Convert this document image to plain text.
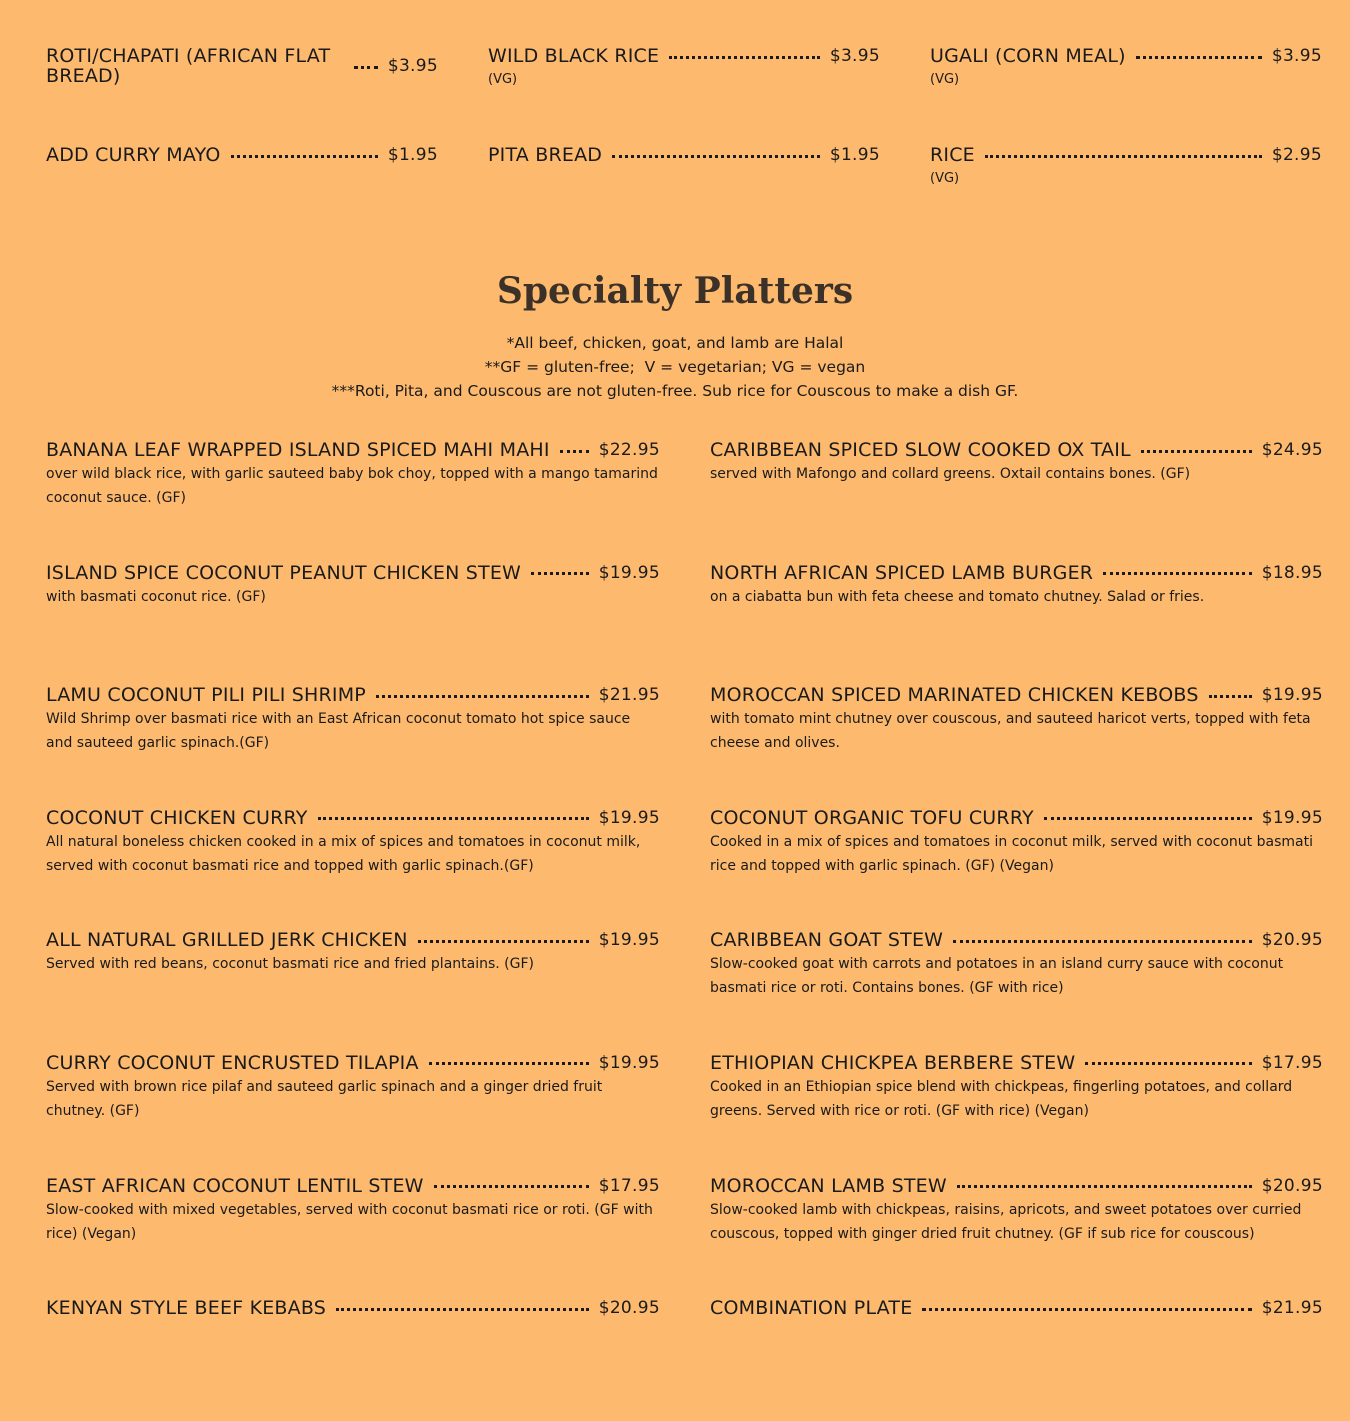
ROTI/CHAPATI (AFRICAN FLAT BREAD)	$3.95	WILD BLACK RICE	$3.95
(VG)
UGALI (CORN MEAL)	$3.95
(VG)
ADD CURRY MAYO	$1.95	PITA BREAD	$1.95	RICE	$2.95
(VG)
Specialty Platters
*All beef, chicken, goat, and lamb are Halal
**GF = gluten-free;  V = vegetarian; VG = vegan
***Roti, Pita, and Couscous are not gluten-free. Sub rice for Couscous to make a dish GF.
BANANA LEAF WRAPPED ISLAND SPICED MAHI MAHI	$22.95
over wild black rice, with garlic sauteed baby bok choy, topped with a mango tamarind coconut sauce. (GF)
CARIBBEAN SPICED SLOW COOKED OX TAIL	$24.95
served with Mafongo and collard greens. Oxtail contains bones. (GF)
ISLAND SPICE COCONUT PEANUT CHICKEN STEW	$19.95
with basmati coconut rice. (GF)
NORTH AFRICAN SPICED LAMB BURGER	$18.95
on a ciabatta bun with feta cheese and tomato chutney. Salad or fries.
LAMU COCONUT PILI PILI SHRIMP	$21.95
Wild Shrimp over basmati rice with an East African coconut tomato hot spice sauce and sauteed garlic spinach.(GF)
MOROCCAN SPICED MARINATED CHICKEN KEBOBS	$19.95
with tomato mint chutney over couscous, and sauteed haricot verts, topped with feta cheese and olives.
COCONUT CHICKEN CURRY	$19.95
All natural boneless chicken cooked in a mix of spices and tomatoes in coconut milk, served with coconut basmati rice and topped with garlic spinach.(GF)
COCONUT ORGANIC TOFU CURRY	$19.95
Cooked in a mix of spices and tomatoes in coconut milk, served with coconut basmati rice and topped with garlic spinach. (GF) (Vegan)
ALL NATURAL GRILLED JERK CHICKEN	$19.95
Served with red beans, coconut basmati rice and fried plantains. (GF)
CARIBBEAN GOAT STEW	$20.95
Slow-cooked goat with carrots and potatoes in an island curry sauce with coconut basmati rice or roti. Contains bones. (GF with rice)
CURRY COCONUT ENCRUSTED TILAPIA	$19.95
Served with brown rice pilaf and sauteed garlic spinach and a ginger dried fruit chutney. (GF)
ETHIOPIAN CHICKPEA BERBERE STEW	$17.95
Cooked in an Ethiopian spice blend with chickpeas, fingerling potatoes, and collard greens. Served with rice or roti. (GF with rice) (Vegan)
EAST AFRICAN COCONUT LENTIL STEW	$17.95
Slow-cooked with mixed vegetables, served with coconut basmati rice or roti. (GF with rice) (Vegan)
MOROCCAN LAMB STEW	$20.95
Slow-cooked lamb with chickpeas, raisins, apricots, and sweet potatoes over curried couscous, topped with ginger dried fruit chutney. (GF if sub rice for couscous)
KENYAN STYLE BEEF KEBABS	$20.95	COMBINATION PLATE	$21.95
